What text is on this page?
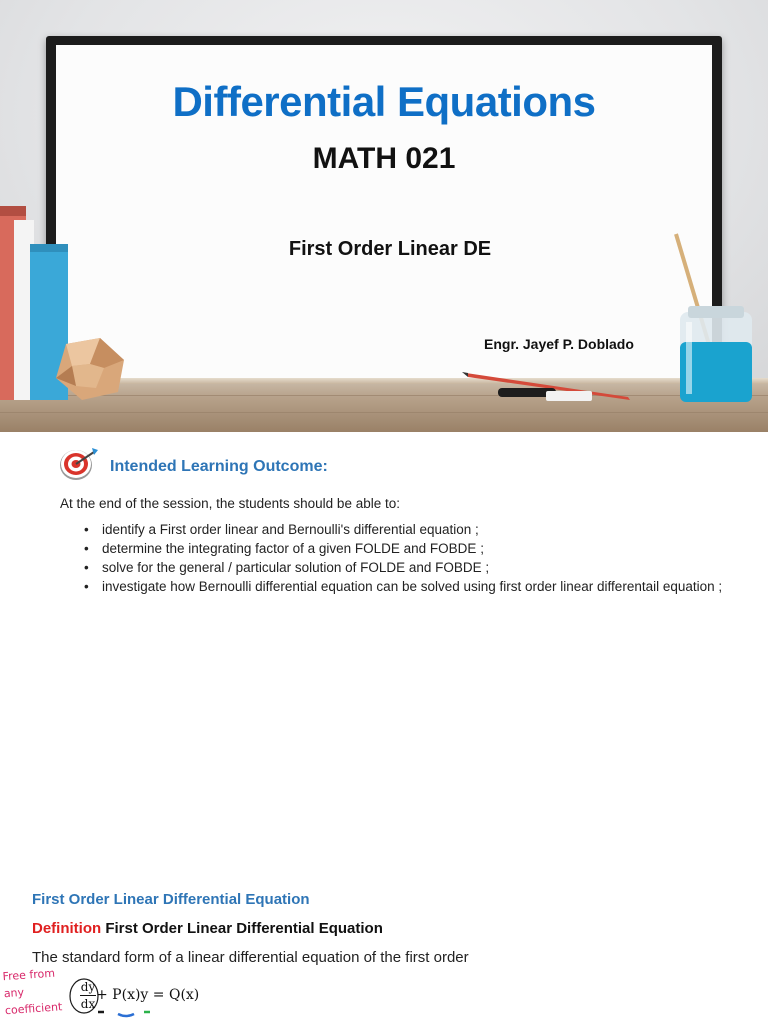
Differential Equations
MATH 021
First Order Linear DE
Engr. Jayef P. Doblado
Intended Learning Outcome:
At the end of the session, the students should be able to:
• identify a First order linear and Bernoulli's differential equation ;
• determine the integrating factor of a given FOLDE and FOBDE ;
• solve for the general / particular solution of FOLDE and FOBDE ;
• investigate how Bernoulli differential equation can be solved using first order linear differentail equation ;
First Order Linear Differential Equation
Definition First Order Linear Differential Equation
The standard form of a linear differential equation of the first order
Free from
any
coefficient
dy
dx
+ P(x)y = Q(x)
